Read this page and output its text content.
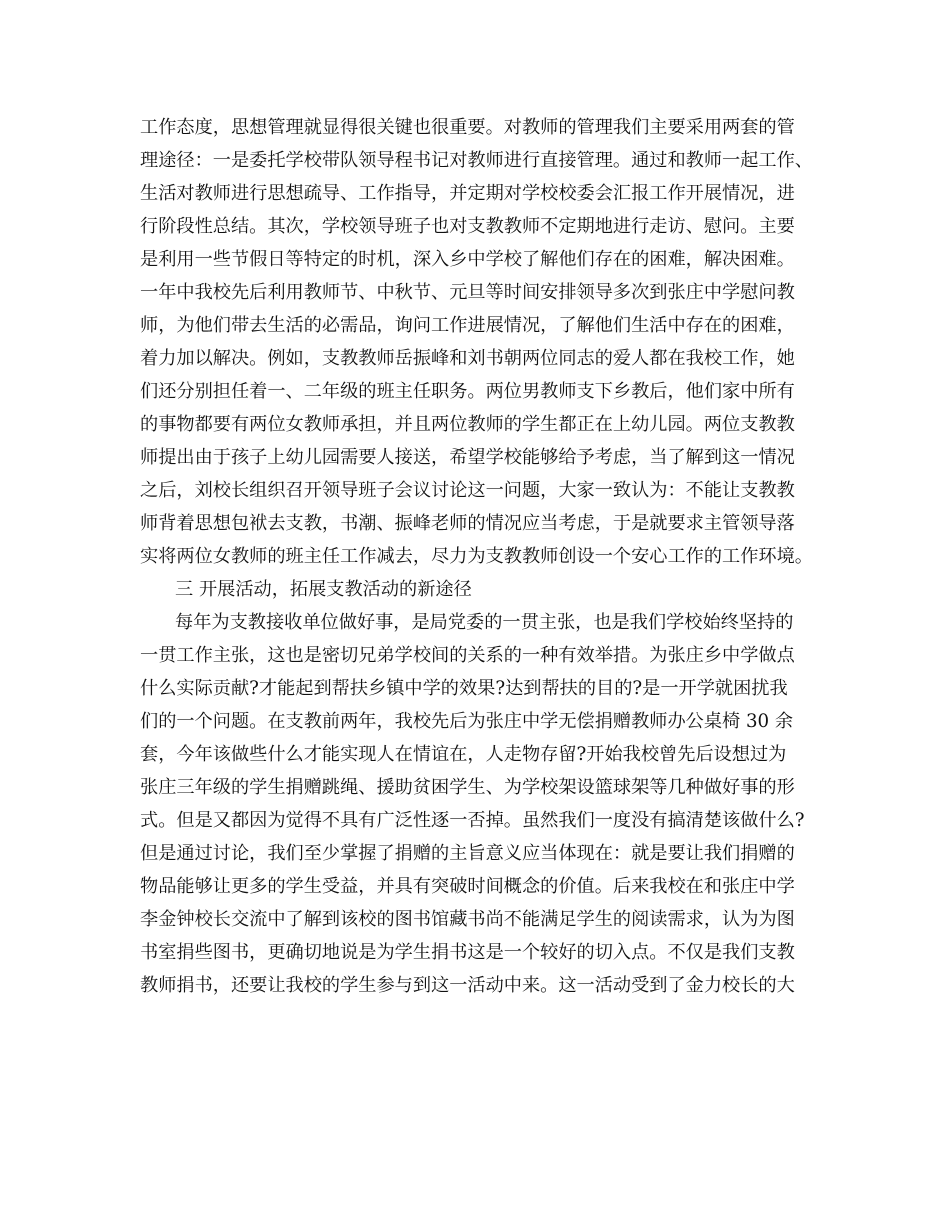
工作态度，思想管理就显得很关键也很重要。对教师的管理我们主要采用两套的管
理途径：一是委托学校带队领导程书记对教师进行直接管理。通过和教师一起工作、
生活对教师进行思想疏导、工作指导，并定期对学校校委会汇报工作开展情况，进
行阶段性总结。其次，学校领导班子也对支教教师不定期地进行走访、慰问。主要
是利用一些节假日等特定的时机，深入乡中学校了解他们存在的困难，解决困难。
一年中我校先后利用教师节、中秋节、元旦等时间安排领导多次到张庄中学慰问教
师，为他们带去生活的必需品，询问工作进展情况，了解他们生活中存在的困难，
着力加以解决。例如，支教教师岳振峰和刘书朝两位同志的爱人都在我校工作，她
们还分别担任着一、二年级的班主任职务。两位男教师支下乡教后，他们家中所有
的事物都要有两位女教师承担，并且两位教师的学生都正在上幼儿园。两位支教教
师提出由于孩子上幼儿园需要人接送，希望学校能够给予考虑，当了解到这一情况
之后，刘校长组织召开领导班子会议讨论这一问题，大家一致认为：不能让支教教
师背着思想包袱去支教，书潮、振峰老师的情况应当考虑，于是就要求主管领导落
实将两位女教师的班主任工作减去，尽力为支教教师创设一个安心工作的工作环境。
三 开展活动，拓展支教活动的新途径
每年为支教接收单位做好事，是局党委的一贯主张，也是我们学校始终坚持的
一贯工作主张，这也是密切兄弟学校间的关系的一种有效举措。为张庄乡中学做点
什么实际贡献?才能起到帮扶乡镇中学的效果?达到帮扶的目的?是一开学就困扰我
们的一个问题。在支教前两年，我校先后为张庄中学无偿捐赠教师办公桌椅 30 余
套，今年该做些什么才能实现人在情谊在，人走物存留?开始我校曾先后设想过为
张庄三年级的学生捐赠跳绳、援助贫困学生、为学校架设篮球架等几种做好事的形
式。但是又都因为觉得不具有广泛性逐一否掉。虽然我们一度没有搞清楚该做什么?
但是通过讨论，我们至少掌握了捐赠的主旨意义应当体现在：就是要让我们捐赠的
物品能够让更多的学生受益，并具有突破时间概念的价值。后来我校在和张庄中学
李金钟校长交流中了解到该校的图书馆藏书尚不能满足学生的阅读需求，认为为图
书室捐些图书，更确切地说是为学生捐书这是一个较好的切入点。不仅是我们支教
教师捐书，还要让我校的学生参与到这一活动中来。这一活动受到了金力校长的大
